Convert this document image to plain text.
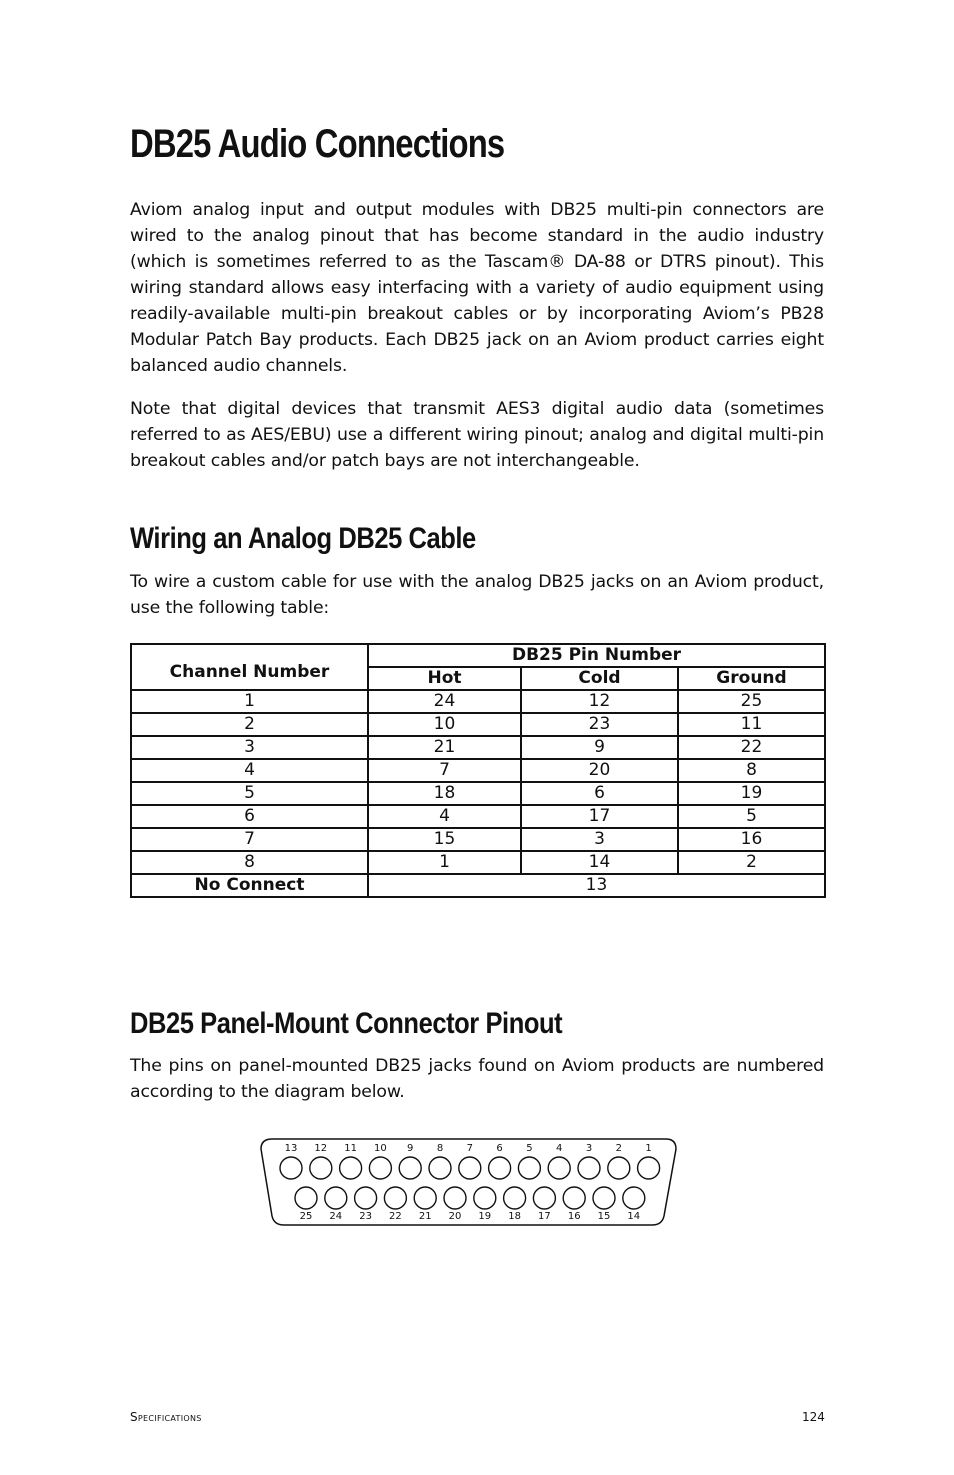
DB25 Audio Connections

Aviom analog input and output modules with DB25 multi-pin connectors are wired to the analog pinout that has become standard in the audio industry (which is sometimes referred to as the Tascam® DA-88 or DTRS pinout). This wiring standard allows easy interfacing with a variety of audio equipment using readily-available multi-pin breakout cables or by incorporating Aviom’s PB28 Modular Patch Bay products. Each DB25 jack on an Aviom product carries eight balanced audio channels.

Note that digital devices that transmit AES3 digital audio data (sometimes referred to as AES/EBU) use a different wiring pinout; analog and digital multi-pin breakout cables and/or patch bays are not interchangeable.

Wiring an Analog DB25 Cable

To wire a custom cable for use with the analog DB25 jacks on an Aviom product, use the following table:

Channel Number	DB25 Pin Number		
	Hot	Cold	Ground
1	24	12	25
2	10	23	11
3	21	9	22
4	7	20	8
5	18	6	19
6	4	17	5
7	15	3	16
8	1	14	2
No Connect	13		
DB25 Panel-Mount Connector Pinout

The pins on panel-mounted DB25 jacks found on Aviom products are numbered according to the diagram below.

13 12 11 10 9 8 7 6 5 4 3 2 1
25 24 23 22 21 20 19 18 17 16 15 14
Specifications	124
